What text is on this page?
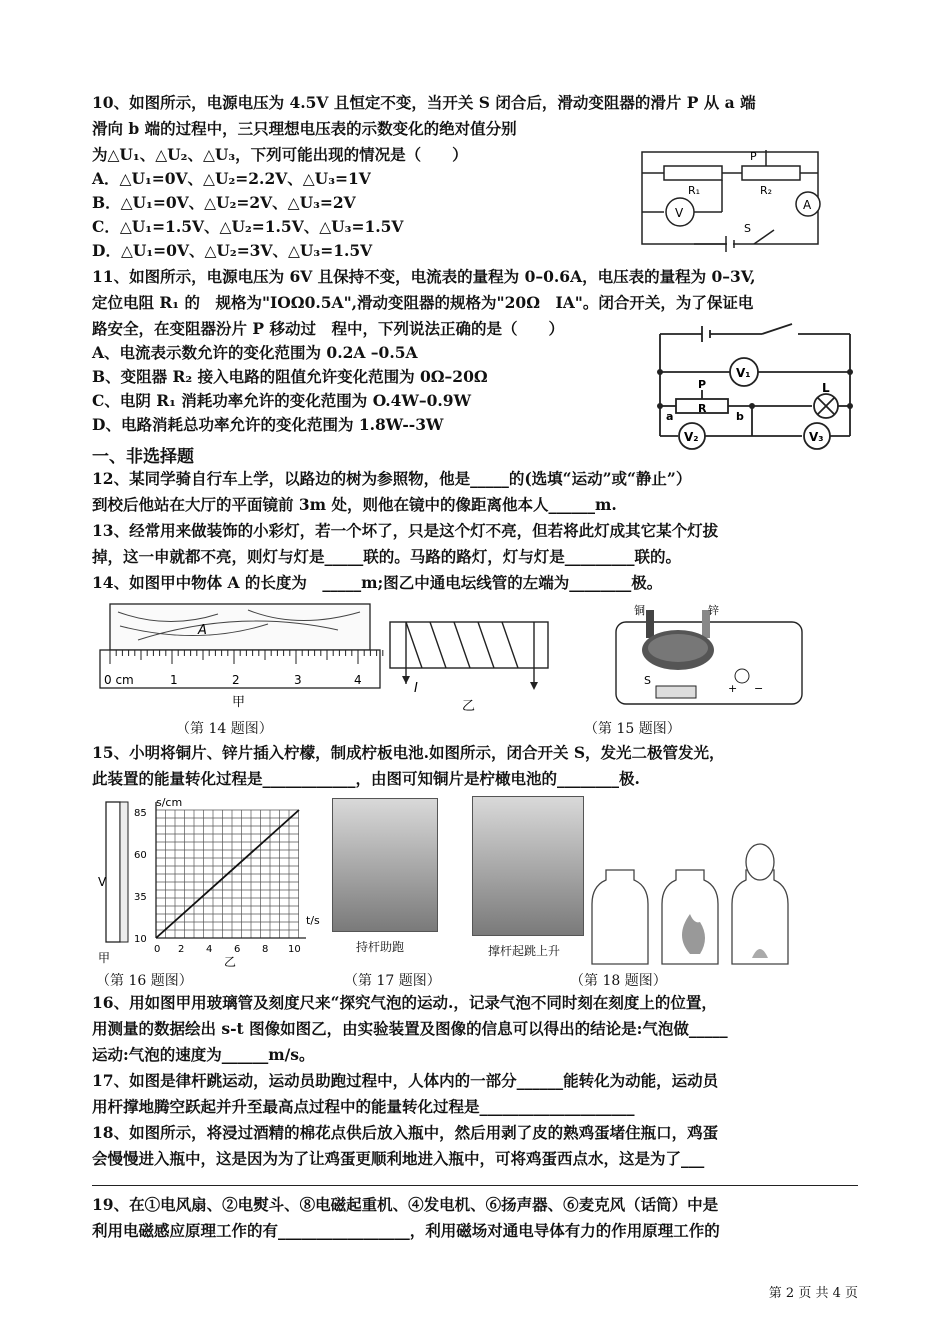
10、如图所示，电源电压为 4.5V 且恒定不变，当开关 S 闭合后，滑动变阻器的滑片 P 从 a 端
滑向 b 端的过程中，三只理想电压表的示数变化的绝对值分别
为△U₁、△U₂、△U₃，下列可能出现的情况是（　　）
A．△U₁=0V、△U₂=2.2V、△U₃=1V
B．△U₁=0V、△U₂=2V、△U₃=2V
C．△U₁=1.5V、△U₂=1.5V、△U₃=1.5V
D．△U₁=0V、△U₂=3V、△U₃=1.5V
R₁	R₂
P
S
V
A
11、如图所示，电源电压为 6V 且保持不变，电流表的量程为 0–0.6A，电压表的量程为 0–3V,
定位电阻 R₁ 的　规格为"IOΩ0.5A",滑动变阻器的规格为"20Ω　IA"。闭合开关，为了保证电
路安全，在变阻器汾片 P 移动过　程中，下列说法正确的是（　　）
A、电流表示数允许的变化范围为 0.2A –0.5A
B、变阻器 R₂ 接入电路的阻值允许变化范围为 0Ω–20Ω
C、电阴 R₁ 消耗功率允许的变化范围为 O.4W–0.9W
D、电路消耗总功率允许的变化范围为 1.8W--3W
V₁
V₂	V₃
L
R
P
a	b
一、非选择题
12、某同学骑自行车上学，以路边的树为参照物，他是_____的(选填“运动”或“静止”）
到校后他站在大厅的平面镜前 3m 处，则他在镜中的像距离他本人______m.
13、经常用来做装饰的小彩灯，若一个坏了，只是这个灯不亮，但若将此灯成其它某个灯拔
掉，这一申就都不亮，则灯与灯是_____联的。马路的路灯，灯与灯是_________联的。
14、如图甲中物体 A 的长度为　_____m;图乙中通电坛线管的左端为________极。
A
0 cm	1	2	3	4
甲
I
乙
铜	锌
S
+ −
（第 14 题图）	（第 15 题图）
15、小明将铜片、锌片插入柠檬，制成柠板电池.如图所示，闭合开关 S，发光二极管发光，
此装置的能量转化过程是____________，由图可知铜片是柠橄电池的________极.
V
甲
s/cm
t/s
10
35
60
85
0 2 4 6 8 10
乙
持杆助跑	撑杆起跳上升
（第 16 题图）	（第 17 题图）	（第 18 题图）
16、用如图甲用玻璃管及刻度尺来“探究气泡的运动.，记录气泡不同时刻在刻度上的位置，
用测量的数据绘出 s-t 图像如图乙，由实验装置及图像的信息可以得出的结论是:气泡做_____
运动:气泡的速度为______m/s。
17、如图是律杆跳运动，运动员助跑过程中，人体内的一部分______能转化为动能，运动员
用杆撑地腾空跃起并升至最高点过程中的能量转化过程是____________________
18、如图所示，将浸过酒精的棉花点供后放入瓶中，然后用剥了皮的熟鸡蛋堵住瓶口，鸡蛋
会慢慢进入瓶中，这是因为为了让鸡蛋更顺利地进入瓶中，可将鸡蛋西点水，这是为了___
19、在①电风扇、②电熨斗、⑧电磁起重机、④发电机、⑥扬声器、⑥麦克风（话筒）中是
利用电磁感应原理工作的有_________________，利用磁场对通电导体有力的作用原理工作的
第 2 页 共 4 页
